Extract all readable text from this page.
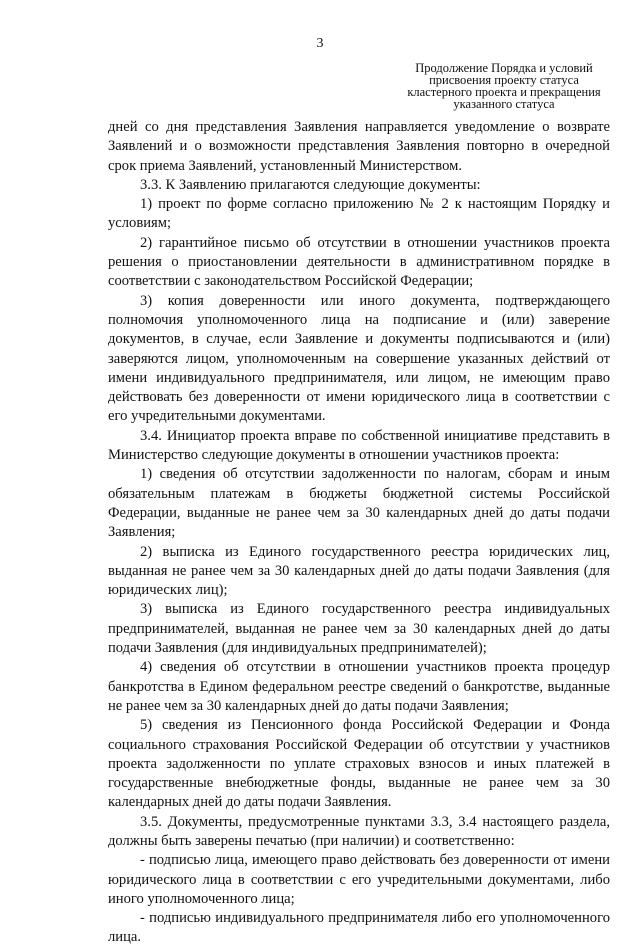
3
Продолжение Порядка и условий
присвоения проекту статуса
кластерного проекта и прекращения
указанного статуса

дней со дня представления Заявления направляется уведомление о возврате Заявлений и о возможности представления Заявления повторно в очередной срок приема Заявлений, установленный Министерством.

3.3. К Заявлению прилагаются следующие документы:

1) проект по форме согласно приложению № 2 к настоящим Порядку и условиям;

2) гарантийное письмо об отсутствии в отношении участников проекта решения о приостановлении деятельности в административном порядке в соответствии с законодательством Российской Федерации;

3) копия доверенности или иного документа, подтверждающего полномочия уполномоченного лица на подписание и (или) заверение документов, в случае, если Заявление и документы подписываются и (или) заверяются лицом, уполномоченным на совершение указанных действий от имени индивидуального предпринимателя, или лицом, не имеющим право действовать без доверенности от имени юридического лица в соответствии с его учредительными документами.

3.4. Инициатор проекта вправе по собственной инициативе представить в Министерство следующие документы в отношении участников проекта:

1) сведения об отсутствии задолженности по налогам, сборам и иным обязательным платежам в бюджеты бюджетной системы Российской Федерации, выданные не ранее чем за 30 календарных дней до даты подачи Заявления;

2) выписка из Единого государственного реестра юридических лиц, выданная не ранее чем за 30 календарных дней до даты подачи Заявления (для юридических лиц);

3) выписка из Единого государственного реестра индивидуальных предпринимателей, выданная не ранее чем за 30 календарных дней до даты подачи Заявления (для индивидуальных предпринимателей);

4) сведения об отсутствии в отношении участников проекта процедур банкротства в Едином федеральном реестре сведений о банкротстве, выданные не ранее чем за 30 календарных дней до даты подачи Заявления;

5) сведения из Пенсионного фонда Российской Федерации и Фонда социального страхования Российской Федерации об отсутствии у участников проекта задолженности по уплате страховых взносов и иных платежей в государственные внебюджетные фонды, выданные не ранее чем за 30 календарных дней до даты подачи Заявления.

3.5. Документы, предусмотренные пунктами 3.3, 3.4 настоящего раздела, должны быть заверены печатью (при наличии) и соответственно:

- подписью лица, имеющего право действовать без доверенности от имени юридического лица в соответствии с его учредительными документами, либо иного уполномоченного лица;

- подписью индивидуального предпринимателя либо его уполномоченного лица.
